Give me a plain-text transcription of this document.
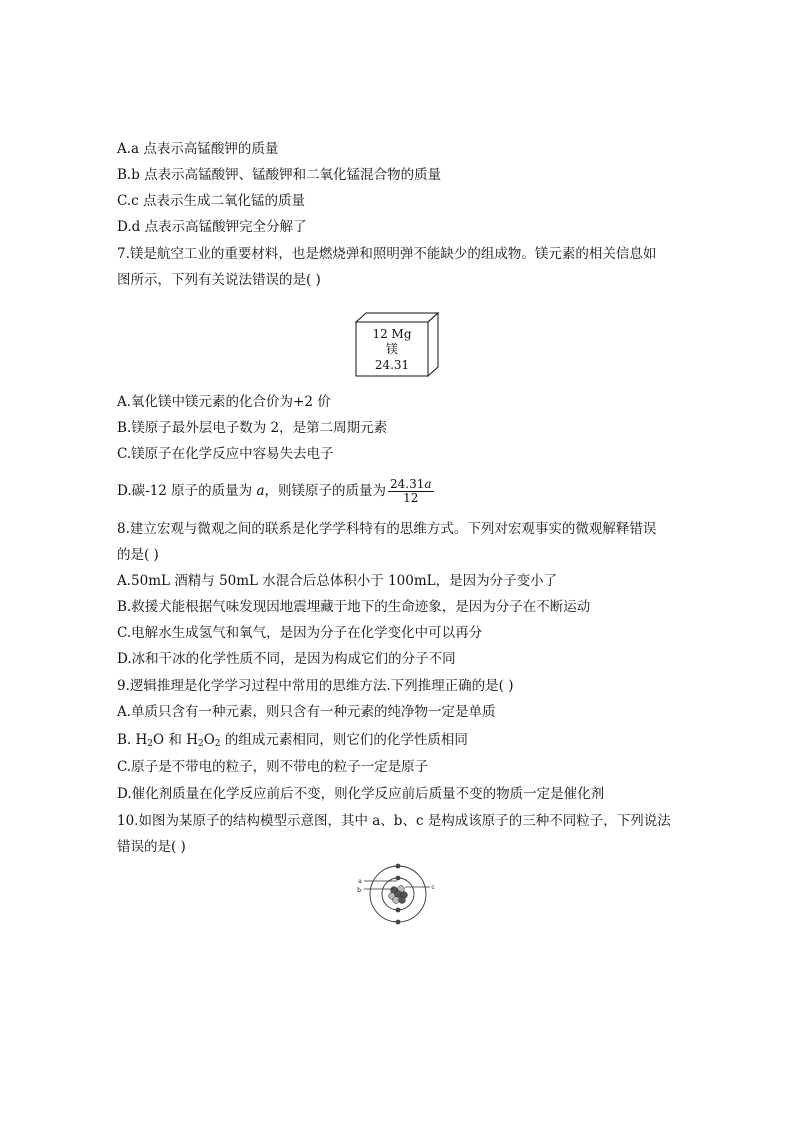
A.a 点表示高锰酸钾的质量
B.b 点表示高锰酸钾、锰酸钾和二氧化锰混合物的质量
C.c 点表示生成二氧化锰的质量
D.d 点表示高锰酸钾完全分解了
7.镁是航空工业的重要材料，也是燃烧弹和照明弹不能缺少的组成物。镁元素的相关信息如
图所示，下列有关说法错误的是( )
12 Mg
镁
24.31
A.氧化镁中镁元素的化合价为+2 价
B.镁原子最外层电子数为 2，是第二周期元素
C.镁原子在化学反应中容易失去电子
D.碳-12 原子的质量为 a，则镁原子的质量为 $\frac{24.31a}{12}$
8.建立宏观与微观之间的联系是化学学科特有的思维方式。下列对宏观事实的微观解释错误
的是( )
A.50mL 酒精与 50mL 水混合后总体积小于 100mL，是因为分子变小了
B.救援犬能根据气味发现因地震埋藏于地下的生命迹象，是因为分子在不断运动
C.电解水生成氢气和氧气，是因为分子在化学变化中可以再分
D.冰和干冰的化学性质不同，是因为构成它们的分子不同
9.逻辑推理是化学学习过程中常用的思维方法.下列推理正确的是( )
A.单质只含有一种元素，则只含有一种元素的纯净物一定是单质
B. $H_2O$ 和 $H_2O_2$ 的组成元素相同，则它们的化学性质相同
C.原子是不带电的粒子，则不带电的粒子一定是原子
D.催化剂质量在化学反应前后不变，则化学反应前后质量不变的物质一定是催化剂
10.如图为某原子的结构模型示意图，其中 a、b、c 是构成该原子的三种不同粒子，下列说法
错误的是( )
a
b	c
